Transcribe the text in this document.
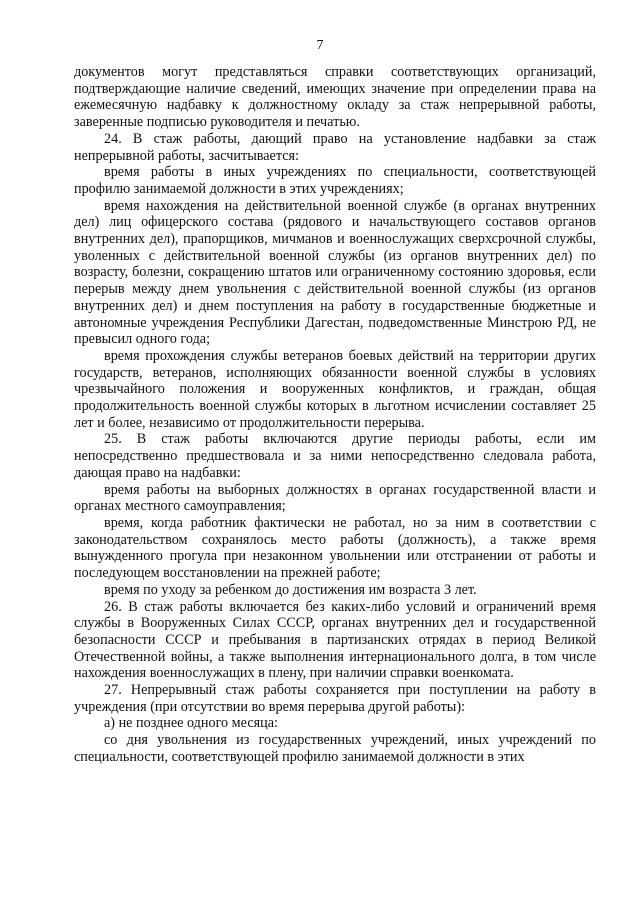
7

документов могут представляться справки соответствующих организаций, подтверждающие наличие сведений, имеющих значение при определении права на ежемесячную надбавку к должностному окладу за стаж непрерывной работы, заверенные подписью руководителя и печатью.

24. В стаж работы, дающий право на установление надбавки за стаж непрерывной работы, засчитывается:

время работы в иных учреждениях по специальности, соответствующей профилю занимаемой должности в этих учреждениях;

время нахождения на действительной военной службе (в органах внутренних дел) лиц офицерского состава (рядового и начальствующего составов органов внутренних дел), прапорщиков, мичманов и военнослужащих сверхсрочной службы, уволенных с действительной военной службы (из органов внутренних дел) по возрасту, болезни, сокращению штатов или ограниченному состоянию здоровья, если перерыв между днем увольнения с действительной военной службы (из органов внутренних дел) и днем поступления на работу в государственные бюджетные и автономные учреждения Республики Дагестан, подведомственные Минстрою РД, не превысил одного года;

время прохождения службы ветеранов боевых действий на территории других государств, ветеранов, исполняющих обязанности военной службы в условиях чрезвычайного положения и вооруженных конфликтов, и граждан, общая продолжительность военной службы которых в льготном исчислении составляет 25 лет и более, независимо от продолжительности перерыва.

25. В стаж работы включаются другие периоды работы, если им непосредственно предшествовала и за ними непосредственно следовала работа, дающая право на надбавки:

время работы на выборных должностях в органах государственной власти и органах местного самоуправления;

время, когда работник фактически не работал, но за ним в соответствии с законодательством сохранялось место работы (должность), а также время вынужденного прогула при незаконном увольнении или отстранении от работы и последующем восстановлении на прежней работе;

время по уходу за ребенком до достижения им возраста 3 лет.

26. В стаж работы включается без каких-либо условий и ограничений время службы в Вооруженных Силах СССР, органах внутренних дел и государственной безопасности СССР и пребывания в партизанских отрядах в период Великой Отечественной войны, а также выполнения интернационального долга, в том числе нахождения военнослужащих в плену, при наличии справки военкомата.

27. Непрерывный стаж работы сохраняется при поступлении на работу в учреждения (при отсутствии во время перерыва другой работы):

а) не позднее одного месяца:

со дня увольнения из государственных учреждений, иных учреждений по специальности, соответствующей профилю занимаемой должности в этих
